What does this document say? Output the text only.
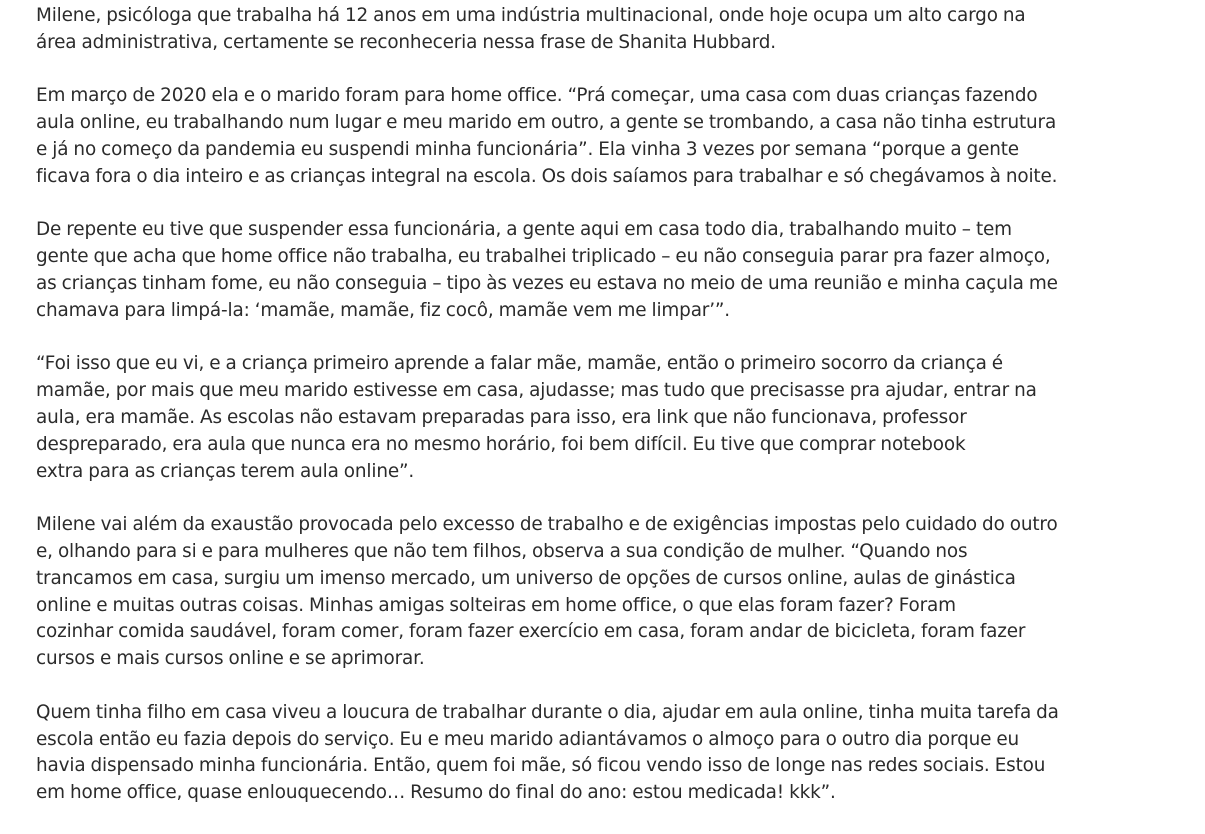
Milene, psicóloga que trabalha há 12 anos em uma indústria multinacional, onde hoje ocupa um alto cargo na
área administrativa, certamente se reconheceria nessa frase de Shanita Hubbard.

Em março de 2020 ela e o marido foram para home office. “Prá começar, uma casa com duas crianças fazendo
aula online, eu trabalhando num lugar e meu marido em outro, a gente se trombando, a casa não tinha estrutura
e já no começo da pandemia eu suspendi minha funcionária”. Ela vinha 3 vezes por semana “porque a gente
ficava fora o dia inteiro e as crianças integral na escola. Os dois saíamos para trabalhar e só chegávamos à noite.

De repente eu tive que suspender essa funcionária, a gente aqui em casa todo dia, trabalhando muito – tem
gente que acha que home office não trabalha, eu trabalhei triplicado – eu não conseguia parar pra fazer almoço,
as crianças tinham fome, eu não conseguia – tipo às vezes eu estava no meio de uma reunião e minha caçula me
chamava para limpá-la: ‘mamãe, mamãe, fiz cocô, mamãe vem me limpar’”.

“Foi isso que eu vi, e a criança primeiro aprende a falar mãe, mamãe, então o primeiro socorro da criança é
mamãe, por mais que meu marido estivesse em casa, ajudasse; mas tudo que precisasse pra ajudar, entrar na
aula, era mamãe. As escolas não estavam preparadas para isso, era link que não funcionava, professor
despreparado, era aula que nunca era no mesmo horário, foi bem difícil. Eu tive que comprar notebook
extra para as crianças terem aula online”.

Milene vai além da exaustão provocada pelo excesso de trabalho e de exigências impostas pelo cuidado do outro
e, olhando para si e para mulheres que não tem filhos, observa a sua condição de mulher. “Quando nos
trancamos em casa, surgiu um imenso mercado, um universo de opções de cursos online, aulas de ginástica
online e muitas outras coisas. Minhas amigas solteiras em home office, o que elas foram fazer? Foram
cozinhar comida saudável, foram comer, foram fazer exercício em casa, foram andar de bicicleta, foram fazer
cursos e mais cursos online e se aprimorar.

Quem tinha filho em casa viveu a loucura de trabalhar durante o dia, ajudar em aula online, tinha muita tarefa da
escola então eu fazia depois do serviço. Eu e meu marido adiantávamos o almoço para o outro dia porque eu
havia dispensado minha funcionária. Então, quem foi mãe, só ficou vendo isso de longe nas redes sociais. Estou
em home office, quase enlouquecendo… Resumo do final do ano: estou medicada! kkk”.
